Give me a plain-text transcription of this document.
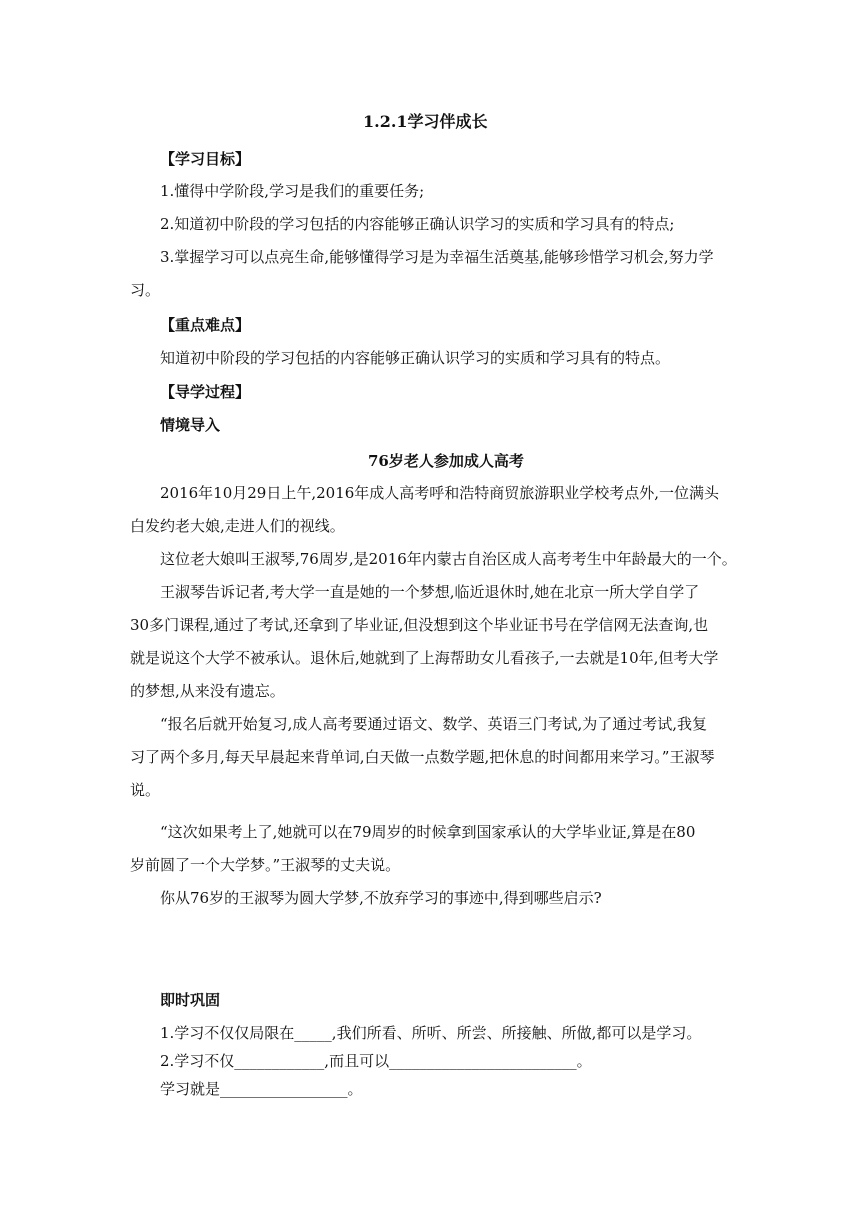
1.2.1学习伴成长
【学习目标】
1.懂得中学阶段,学习是我们的重要任务;
2.知道初中阶段的学习包括的内容能够正确认识学习的实质和学习具有的特点;
3.掌握学习可以点亮生命,能够懂得学习是为幸福生活奠基,能够珍惜学习机会,努力学
习。
【重点难点】
知道初中阶段的学习包括的内容能够正确认识学习的实质和学习具有的特点。
【导学过程】
情境导入
76岁老人参加成人高考
2016年10月29日上午,2016年成人高考呼和浩特商贸旅游职业学校考点外,一位满头
白发约老大娘,走进人们的视线。
这位老大娘叫王淑琴,76周岁,是2016年内蒙古自治区成人高考考生中年龄最大的一个。
王淑琴告诉记者,考大学一直是她的一个梦想,临近退休时,她在北京一所大学自学了
30多门课程,通过了考试,还拿到了毕业证,但没想到这个毕业证书号在学信网无法查询,也
就是说这个大学不被承认。退休后,她就到了上海帮助女儿看孩子,一去就是10年,但考大学
的梦想,从来没有遗忘。
“报名后就开始复习,成人高考要通过语文、数学、英语三门考试,为了通过考试,我复
习了两个多月,每天早晨起来背单词,白天做一点数学题,把休息的时间都用来学习。”王淑琴
说。
“这次如果考上了,她就可以在79周岁的时候拿到国家承认的大学毕业证,算是在80
岁前圆了一个大学梦。”王淑琴的丈夫说。
你从76岁的王淑琴为圆大学梦,不放弃学习的事迹中,得到哪些启示?
即时巩固
1.学习不仅仅局限在_____,我们所看、所听、所尝、所接触、所做,都可以是学习。
2.学习不仅____________,而且可以_________________________。
学习就是_________________。
